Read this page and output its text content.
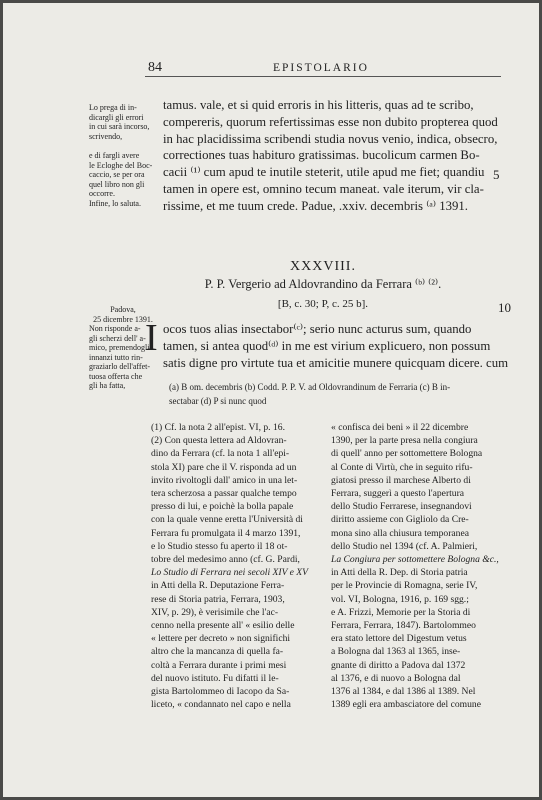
84	EPISTOLARIO
Lo prega di in-
dicargli gli errori
in cui sarà incorso,
scrivendo,
e di fargli avere
le Ecloghe del Boc-
caccio, se per ora
quel libro non gli
occorre.
Infine, lo saluta.
Padova,
25 dicembre 1391.
Non risponde a-
gli scherzi dell' a-
mico, premendogli
innanzi tutto rin-
graziarlo dell'affet-
tuosa offerta che
gli ha fatta,
tamus. vale, et si quid erroris in his litteris, quas ad te scribo,
compereris, quorum refertissimas esse non dubito propterea quod
in hac placidissima scribendi studia novus venio, indica, obsecro,
correctiones tuas habituro gratissimas. bucolicum carmen Bo-
cacii ⁽¹⁾ cum apud te inutile steterit, utile apud me fiet; quandiu
tamen in opere est, omnino tecum maneat. vale iterum, vir cla-
rissime, et me tuum crede. Padue, .xxiv. decembris ⁽ᵃ⁾ 1391.
5
XXXVIII.
P. P. Vergerio ad Aldovrandino da Ferrara ⁽ᵇ⁾ ⁽²⁾.
[B, c. 30; P, c. 25 b].	10
I ocos tuos alias insectabor⁽ᶜ⁾; serio nunc acturus sum, quando
tamen, si antea quod⁽ᵈ⁾ in me est virium explicuero, non possum
satis digne pro virtute tua et amicitie munere quicquam dicere. cum
(a) B om. decembris (b) Codd. P. P. V. ad Oldovrandinum de Ferraria (c) B in-
sectabar (d) P si nunc quod
(1) Cf. la nota 2 all'epist. VI, p. 16.
(2) Con questa lettera ad Aldovran-
dino da Ferrara (cf. la nota 1 all'epi-
stola XI) pare che il V. risponda ad un
invito rivoltogli dall' amico in una let-
tera scherzosa a passar qualche tempo
presso di lui, e poichè la bolla papale
con la quale venne eretta l'Università di
Ferrara fu promulgata il 4 marzo 1391,
e lo Studio stesso fu aperto il 18 ot-
tobre del medesimo anno (cf. G. Pardi,
Lo Studio di Ferrara nei secoli XIV e XV
in Atti della R. Deputazione Ferra-
rese di Storia patria, Ferrara, 1903,
XIV, p. 29), è verisimile che l'ac-
cenno nella presente all' « esilio delle
« lettere per decreto » non significhi
altro che la mancanza di quella fa-
coltà a Ferrara durante i primi mesi
del nuovo istituto. Fu difatti il le-
gista Bartolommeo di Iacopo da Sa-
liceto, « condannato nel capo e nella
« confisca dei beni » il 22 dicembre
1390, per la parte presa nella congiura
di quell' anno per sottomettere Bologna
al Conte di Virtù, che in seguito rifu-
giatosi presso il marchese Alberto di
Ferrara, suggerì a questo l'apertura
dello Studio Ferrarese, insegnandovi
diritto assieme con Gigliolo da Cre-
mona sino alla chiusura temporanea
dello Studio nel 1394 (cf. A. Palmieri,
La Congiura per sottomettere Bologna &c.,
in Atti della R. Dep. di Storia patria
per le Provincie di Romagna, serie IV,
vol. VI, Bologna, 1916, p. 169 sgg.;
e A. Frizzi, Memorie per la Storia di
Ferrara, Ferrara, 1847). Bartolommeo
era stato lettore del Digestum vetus
a Bologna dal 1363 al 1365, inse-
gnante di diritto a Padova dal 1372
al 1376, e di nuovo a Bologna dal
1376 al 1384, e dal 1386 al 1389. Nel
1389 egli era ambasciatore del comune
